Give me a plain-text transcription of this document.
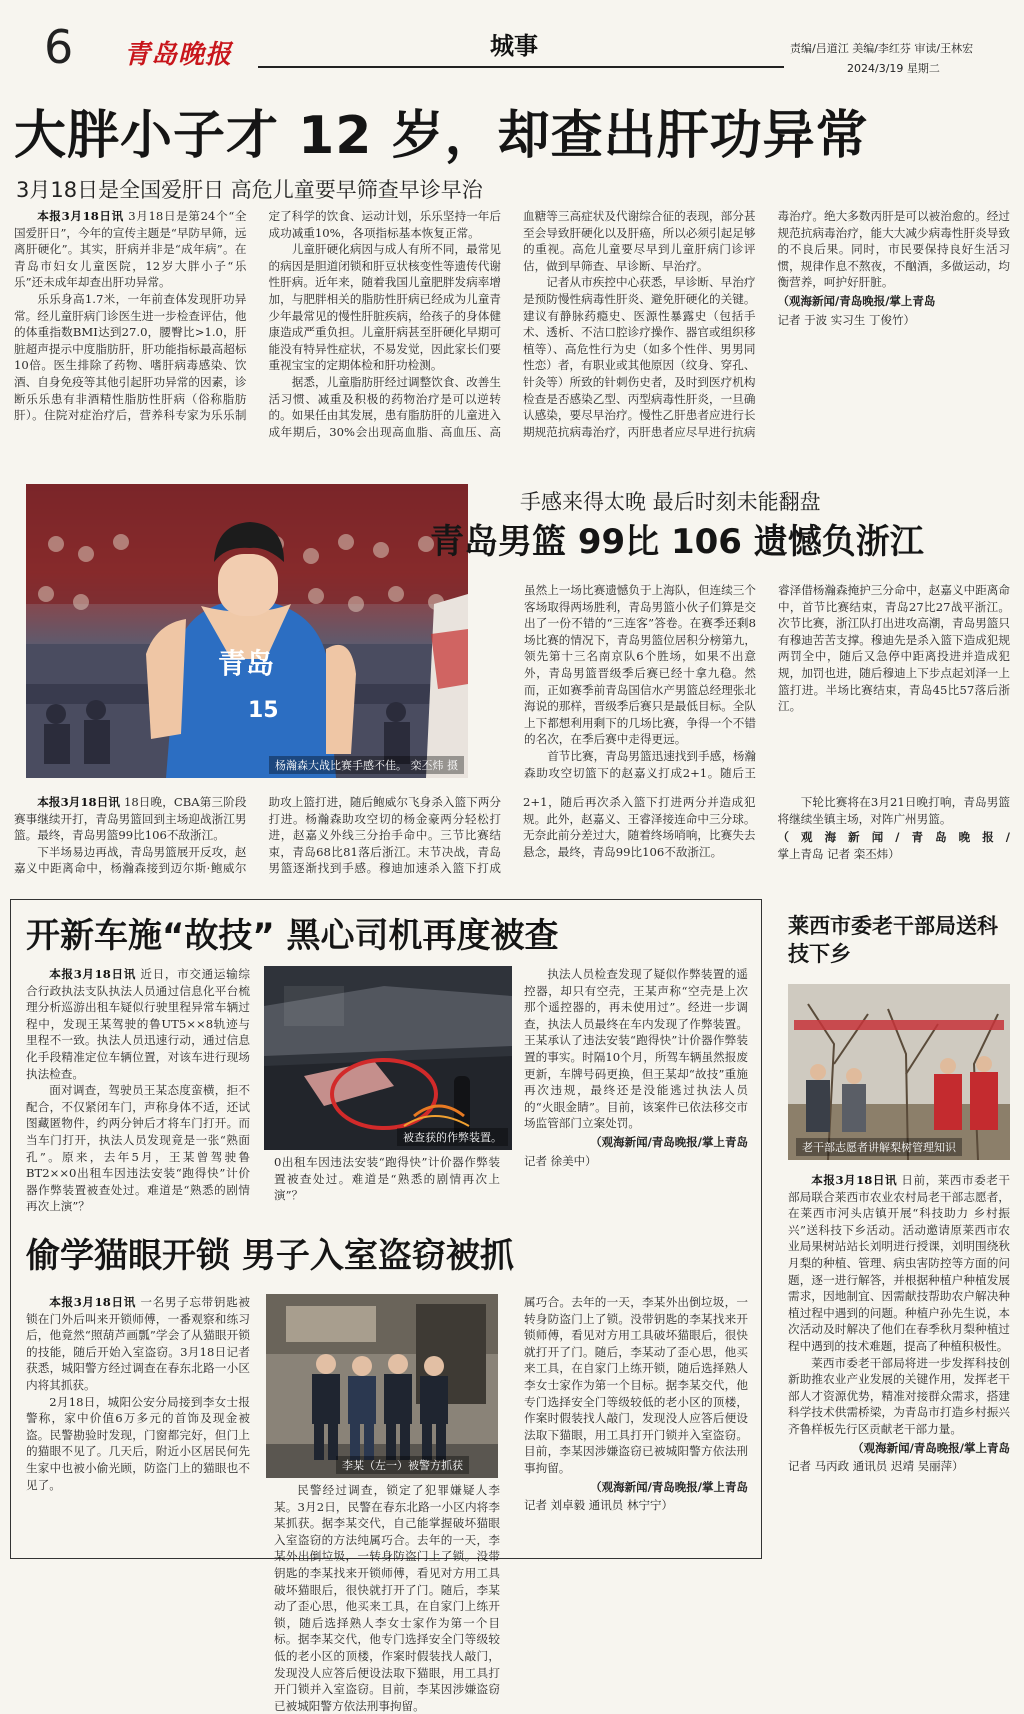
6 青岛晚报	城事	责编/吕道江 美编/李红芬 审读/王林宏
2024/3/19 星期二
大胖小子才 12 岁，却查出肝功异常
3月18日是全国爱肝日 高危儿童要早筛查早诊早治

本报3月18日讯 3月18日是第24个“全国爱肝日”，今年的宣传主题是“早防早筛，远离肝硬化”。其实，肝病并非是“成年病”。在青岛市妇女儿童医院，12岁大胖小子“乐乐”还未成年却查出肝功异常。

乐乐身高1.7米，一年前查体发现肝功异常。经儿童肝病门诊医生进一步检查评估，他的体重指数BMI达到27.0，腰臀比>1.0，肝脏超声提示中度脂肪肝，肝功能指标最高超标10倍。医生排除了药物、嗜肝病毒感染、饮酒、自身免疫等其他引起肝功异常的因素，诊断乐乐患有非酒精性脂肪性肝病（俗称脂肪肝）。住院对症治疗后，营养科专家为乐乐制定了科学的饮食、运动计划，乐乐坚持一年后成功减重10%，各项指标基本恢复正常。

儿童肝硬化病因与成人有所不同，最常见的病因是胆道闭锁和肝豆状核变性等遗传代谢性肝病。近年来，随着我国儿童肥胖发病率增加，与肥胖相关的脂肪性肝病已经成为儿童青少年最常见的慢性肝脏疾病，给孩子的身体健康造成严重负担。儿童肝病甚至肝硬化早期可能没有特异性症状，不易发觉，因此家长们要重视宝宝的定期体检和肝功检测。

据悉，儿童脂肪肝经过调整饮食、改善生活习惯、减重及积极的药物治疗是可以逆转的。如果任由其发展，患有脂肪肝的儿童进入成年期后，30%会出现高血脂、高血压、高血糖等三高症状及代谢综合征的表现，部分甚至会导致肝硬化以及肝癌，所以必须引起足够的重视。高危儿童要尽早到儿童肝病门诊评估，做到早筛查、早诊断、早治疗。

记者从市疾控中心获悉，早诊断、早治疗是预防慢性病毒性肝炎、避免肝硬化的关键。建议有静脉药瘾史、医源性暴露史（包括手术、透析、不洁口腔诊疗操作、器官或组织移植等）、高危性行为史（如多个性伴、男男同性恋）者，有职业或其他原因（纹身、穿孔、针灸等）所致的针刺伤史者，及时到医疗机构检查是否感染乙型、丙型病毒性肝炎，一旦确认感染，要尽早治疗。慢性乙肝患者应进行长期规范抗病毒治疗，丙肝患者应尽早进行抗病毒治疗。绝大多数丙肝是可以被治愈的。经过规范抗病毒治疗，能大大减少病毒性肝炎导致的不良后果。同时，市民要保持良好生活习惯，规律作息不熬夜，不酗酒，多做运动，均衡营养，呵护好肝脏。

（观海新闻/青岛晚报/掌上青岛
记者 于波 实习生 丁俊竹）
青岛
15
杨瀚森大战比赛手感不佳。 栾丕炜 摄
手感来得太晚 最后时刻未能翻盘
青岛男篮 99比 106 遗憾负浙江

虽然上一场比赛遗憾负于上海队，但连续三个客场取得两场胜利，青岛男篮小伙子们算是交出了一份不错的“三连客”答卷。在赛季还剩8场比赛的情况下，青岛男篮位居积分榜第九，领先第十三名南京队6个胜场，如果不出意外，青岛男篮晋级季后赛已经十拿九稳。然而，正如赛季前青岛国信水产男篮总经理张北海说的那样，晋级季后赛只是最低目标。全队上下都想利用剩下的几场比赛，争得一个不错的名次，在季后赛中走得更远。

首节比赛，青岛男篮迅速找到手感，杨瀚森助攻空切篮下的赵嘉义打成2+1。随后王睿泽借杨瀚森掩护三分命中，赵嘉义中距离命中，首节比赛结束，青岛27比27战平浙江。次节比赛，浙江队打出进攻高潮，青岛男篮只有穆迪苦苦支撑。穆迪先是杀入篮下造成犯规两罚全中，随后又急停中距离投进并造成犯规，加罚也进，随后穆迪上下步点起刘泽一上篮打进。半场比赛结束，青岛45比57落后浙江。

本报3月18日讯 18日晚，CBA第三阶段赛事继续开打，青岛男篮回到主场迎战浙江男篮。最终，青岛男篮99比106不敌浙江。

下半场易边再战，青岛男篮展开反攻，赵嘉义中距离命中，杨瀚森接到迈尔斯·鲍威尔助攻上篮打进，随后鲍威尔飞身杀入篮下两分打进。杨瀚森助攻空切的杨金豪两分轻松打进，赵嘉义外线三分抬手命中。三节比赛结束，青岛68比81落后浙江。末节决战，青岛男篮逐渐找到手感。穆迪加速杀入篮下打成2+1，随后再次杀入篮下打进两分并造成犯规。此外，赵嘉义、王睿泽接连命中三分球。无奈此前分差过大，随着终场哨响，比赛失去悬念，最终，青岛99比106不敌浙江。

下轮比赛将在3月21日晚打响，青岛男篮将继续坐镇主场，对阵广州男篮。

（观海新闻/青岛晚报/ 掌上青岛 记者 栾丕炜）
开新车施“故技” 黑心司机再度被查

本报3月18日讯 近日，市交通运输综合行政执法支队执法人员通过信息化平台梳理分析巡游出租车疑似行驶里程异常车辆过程中，发现王某驾驶的鲁UT5××8轨迹与里程不一致。执法人员迅速行动，通过信息化手段精准定位车辆位置，对该车进行现场执法检查。

面对调查，驾驶员王某态度蛮横，拒不配合，不仅紧闭车门，声称身体不适，还试图藏匿物件，约两分钟后才将车门打开。而当车门打开，执法人员发现竟是一张“熟面孔”。原来，去年5月，王某曾驾驶鲁BT2××0出租车因违法安装“跑得快”计价器作弊装置被查处过。难道是“熟悉的剧情再次上演”？

被查获的作弊装置。

0出租车因违法安装“跑得快”计价器作弊装置被查处过。难道是“熟悉的剧情再次上演”？

执法人员检查发现了疑似作弊装置的遥控器，却只有空壳，王某声称“空壳是上次那个遥控器的，再未使用过”。经进一步调查，执法人员最终在车内发现了作弊装置。王某承认了违法安装“跑得快”计价器作弊装置的事实。时隔10个月，所驾车辆虽然报废更新，车牌号码更换，但王某却“故技”重施再次违规，最终还是没能逃过执法人员的“火眼金睛”。目前，该案件已依法移交市场监管部门立案处罚。

（观海新闻/青岛晚报/掌上青岛
记者 徐美中）
偷学猫眼开锁 男子入室盗窃被抓

本报3月18日讯 一名男子忘带钥匙被锁在门外后叫来开锁师傅，一番观察和练习后，他竟然“照葫芦画瓢”学会了从猫眼开锁的技能，随后开始入室盗窃。3月18日记者获悉，城阳警方经过调查在春东北路一小区内将其抓获。

2月18日，城阳公安分局接到李女士报警称，家中价值6万多元的首饰及现金被盗。民警勘验时发现，门窗都完好，但门上的猫眼不见了。几天后，附近小区居民何先生家中也被小偷光顾，防盗门上的猫眼也不见了。

李某（左一）被警方抓获

民警经过调查，锁定了犯罪嫌疑人李某。3月2日，民警在春东北路一小区内将李某抓获。据李某交代，自己能掌握破坏猫眼入室盗窃的方法纯属巧合。去年的一天，李某外出倒垃圾，一转身防盗门上了锁。没带钥匙的李某找来开锁师傅，看见对方用工具破坏猫眼后，很快就打开了门。随后，李某动了歪心思，他买来工具，在自家门上练开锁，随后选择熟人李女士家作为第一个目标。据李某交代，他专门选择安全门等级较低的老小区的顶楼，作案时假装找人敲门，发现没人应答后便设法取下猫眼，用工具打开门锁并入室盗窃。目前，李某因涉嫌盗窃已被城阳警方依法刑事拘留。

属巧合。去年的一天，李某外出倒垃圾，一转身防盗门上了锁。没带钥匙的李某找来开锁师傅，看见对方用工具破坏猫眼后，很快就打开了门。随后，李某动了歪心思，他买来工具，在自家门上练开锁，随后选择熟人李女士家作为第一个目标。据李某交代，他专门选择安全门等级较低的老小区的顶楼，作案时假装找人敲门，发现没人应答后便设法取下猫眼，用工具打开门锁并入室盗窃。目前，李某因涉嫌盗窃已被城阳警方依法刑事拘留。

（观海新闻/青岛晚报/掌上青岛
记者 刘卓毅 通讯员 林宁宁）
莱西市委老干部局送科技下乡
老干部志愿者讲解梨树管理知识

本报3月18日讯 日前，莱西市委老干部局联合莱西市农业农村局老干部志愿者，在莱西市河头店镇开展“科技助力 乡村振兴”送科技下乡活动。活动邀请原莱西市农业局果树站站长刘明进行授课，刘明围绕秋月梨的种植、管理、病虫害防控等方面的问题，逐一进行解答，并根据种植户种植发展需求，因地制宜、因需献技帮助农户解决种植过程中遇到的问题。种植户孙先生说，本次活动及时解决了他们在春季秋月梨种植过程中遇到的技术难题，提高了种植积极性。

莱西市委老干部局将进一步发挥科技创新助推农业产业发展的关键作用，发挥老干部人才资源优势，精准对接群众需求，搭建科学技术供需桥梁，为青岛市打造乡村振兴齐鲁样板先行区贡献老干部力量。

（观海新闻/青岛晚报/掌上青岛
记者 马丙政 通讯员 迟靖 吴丽萍）
